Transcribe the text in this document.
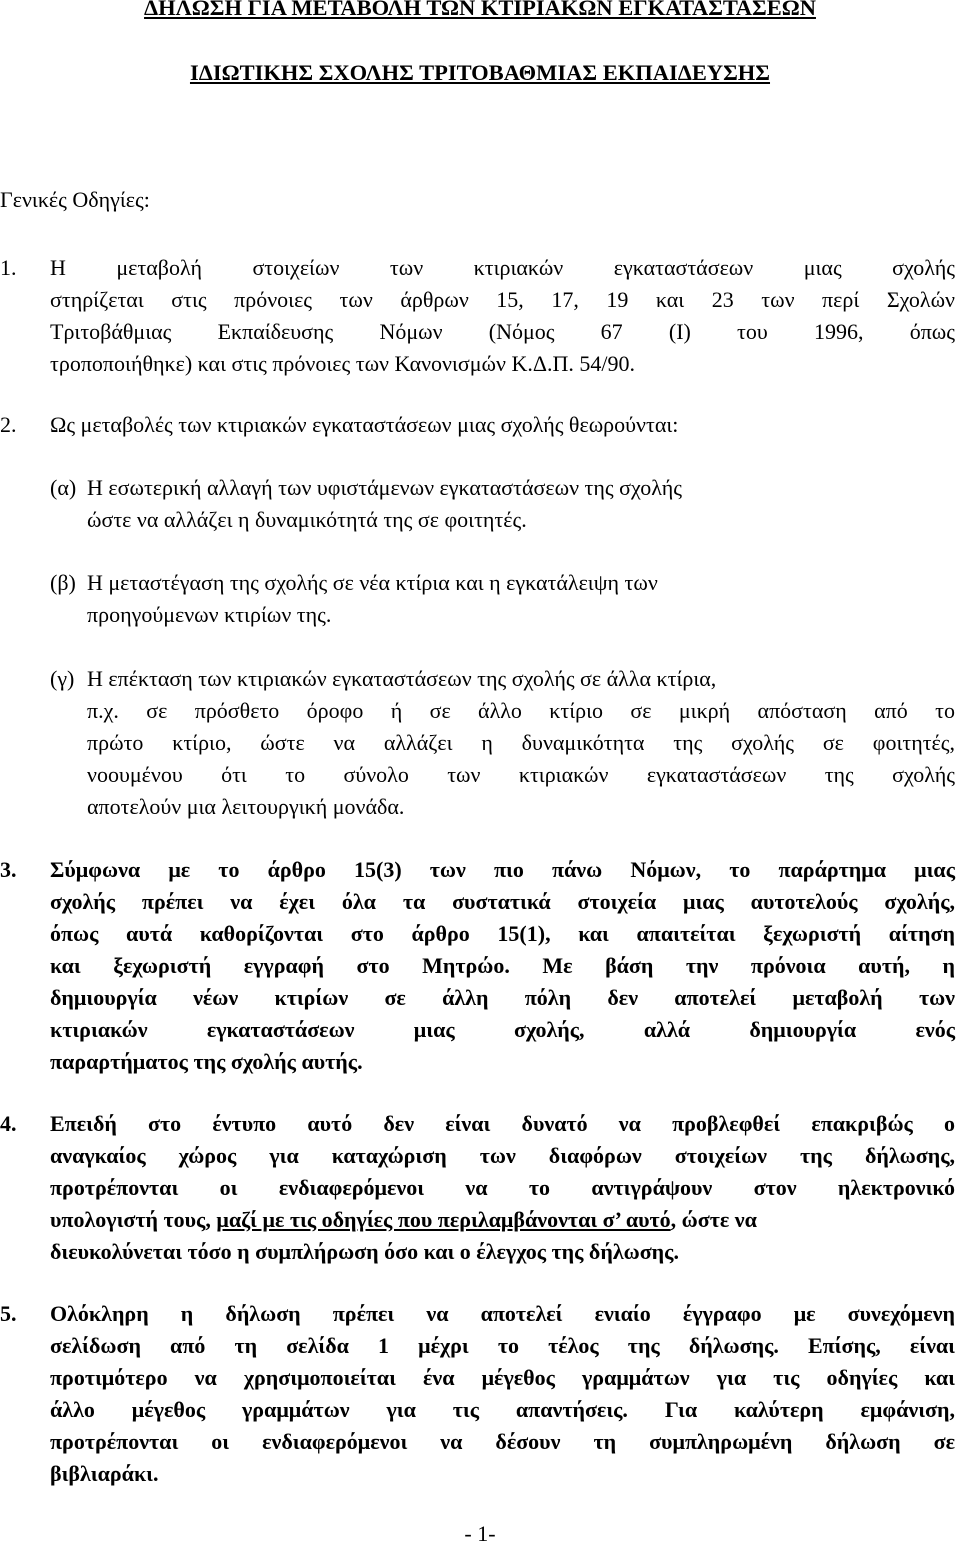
ΔΗΛΩΣΗ ΓΙΑ ΜΕΤΑΒΟΛΗ ΤΩΝ ΚΤΙΡΙΑΚΩΝ ΕΓΚΑΤΑΣΤΑΣΕΩΝ
ΙΔΙΩΤΙΚΗΣ ΣΧΟΛΗΣ ΤΡΙΤΟΒΑΘΜΙΑΣ ΕΚΠΑΙΔΕΥΣΗΣ
Γενικές Οδηγίες:
1. Η μεταβολή στοιχείων των κτιριακών εγκαταστάσεων μιας σχολής
στηρίζεται στις πρόνοιες των άρθρων 15, 17, 19 και 23 των περί Σχολών
Τριτοβάθμιας Εκπαίδευσης Νόμων (Νόμος 67 (Ι) του 1996, όπως
τροποποιήθηκε) και στις πρόνοιες των Κανονισμών Κ.Δ.Π. 54/90.
2. Ως μεταβολές των κτιριακών εγκαταστάσεων μιας σχολής θεωρούνται:
(α) Η εσωτερική αλλαγή των υφιστάμενων εγκαταστάσεων της σχολής
ώστε να αλλάζει η δυναμικότητά της σε φοιτητές.
(β) Η μεταστέγαση της σχολής σε νέα κτίρια και η εγκατάλειψη των
προηγούμενων κτιρίων της.
(γ) Η επέκταση των κτιριακών εγκαταστάσεων της σχολής σε άλλα κτίρια,
π.χ. σε πρόσθετο όροφο ή σε άλλο κτίριο σε μικρή απόσταση από το
πρώτο κτίριο, ώστε να αλλάζει η δυναμικότητα της σχολής σε φοιτητές,
νοουμένου ότι το σύνολο των κτιριακών εγκαταστάσεων της σχολής
αποτελούν μια λειτουργική μονάδα.
3. Σύμφωνα με το άρθρο 15(3) των πιο πάνω Νόμων, το παράρτημα μιας
σχολής πρέπει να έχει όλα τα συστατικά στοιχεία μιας αυτοτελούς σχολής,
όπως αυτά καθορίζονται στο άρθρο 15(1), και απαιτείται ξεχωριστή αίτηση
και ξεχωριστή εγγραφή στο Μητρώο. Με βάση την πρόνοια αυτή, η
δημιουργία νέων κτιρίων σε άλλη πόλη δεν αποτελεί μεταβολή των
κτιριακών εγκαταστάσεων μιας σχολής, αλλά δημιουργία ενός
παραρτήματος της σχολής αυτής.
4. Επειδή στο έντυπο αυτό δεν είναι δυνατό να προβλεφθεί επακριβώς ο
αναγκαίος χώρος για καταχώριση των διαφόρων στοιχείων της δήλωσης,
προτρέπονται οι ενδιαφερόμενοι να το αντιγράψουν στον ηλεκτρονικό
υπολογιστή τους, μαζί με τις οδηγίες που περιλαμβάνονται σ’ αυτό, ώστε να
διευκολύνεται τόσο η συμπλήρωση όσο και ο έλεγχος της δήλωσης.
5. Ολόκληρη η δήλωση πρέπει να αποτελεί ενιαίο έγγραφο με συνεχόμενη
σελίδωση από τη σελίδα 1 μέχρι το τέλος της δήλωσης. Επίσης, είναι
προτιμότερο να χρησιμοποιείται ένα μέγεθος γραμμάτων για τις οδηγίες και
άλλο μέγεθος γραμμάτων για τις απαντήσεις. Για καλύτερη εμφάνιση,
προτρέπονται οι ενδιαφερόμενοι να δέσουν τη συμπληρωμένη δήλωση σε
βιβλιαράκι.
- 1-
